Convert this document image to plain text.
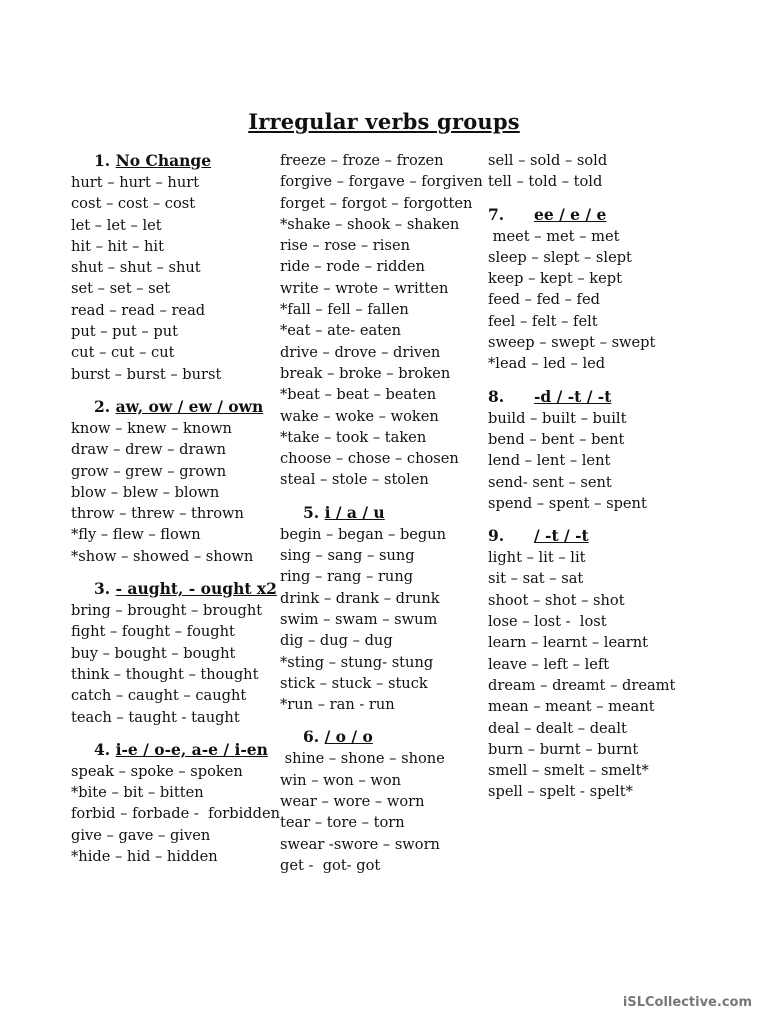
Irregular verbs groups
1. No Change
hurt – hurt – hurt
cost – cost – cost
let – let – let
hit – hit – hit
shut – shut – shut
set – set – set
read – read – read
put – put – put
cut – cut – cut
burst – burst – burst
2. aw, ow / ew / own
know – knew – known
draw – drew – drawn
grow – grew – grown
blow – blew – blown
throw – threw – thrown
*fly – flew – flown
*show – showed – shown
3. - aught, - ought x2
bring – brought – brought
fight – fought – fought
buy – bought – bought
think – thought – thought
catch – caught – caught
teach – taught - taught
4. i-e / o-e, a-e / i-en
speak – spoke – spoken
*bite – bit – bitten
forbid – forbade -  forbidden
give – gave – given
*hide – hid – hidden
freeze – froze – frozen
forgive – forgave – forgiven
forget – forgot – forgotten
*shake – shook – shaken
rise – rose – risen
ride – rode – ridden
write – wrote – written
*fall – fell – fallen
*eat – ate- eaten
drive – drove – driven
break – broke – broken
*beat – beat – beaten
wake – woke – woken
*take – took – taken
choose – chose – chosen
steal – stole – stolen
5. i / a / u
begin – began – begun
sing – sang – sung
ring – rang – rung
drink – drank – drunk
swim – swam – swum
dig – dug – dug
*sting – stung- stung
stick – stuck – stuck
*run – ran - run
6. / o / o
shine – shone – shone
win – won – won
wear – wore – worn
tear – tore – torn
swear -swore – sworn
get -  got- got
sell – sold – sold
tell – told – told
7. ee / e / e
meet – met – met
sleep – slept – slept
keep – kept – kept
feed – fed – fed
feel – felt – felt
sweep – swept – swept
*lead – led – led
8. -d / -t / -t
build – built – built
bend – bent – bent
lend – lent – lent
send- sent – sent
spend – spent – spent
9. / -t / -t
light – lit – lit
sit – sat – sat
shoot – shot – shot
lose – lost -  lost
learn – learnt – learnt
leave – left – left
dream – dreamt – dreamt
mean – meant – meant
deal – dealt – dealt
burn – burnt – burnt
smell – smelt – smelt*
spell – spelt - spelt*
iSLCollective.com
